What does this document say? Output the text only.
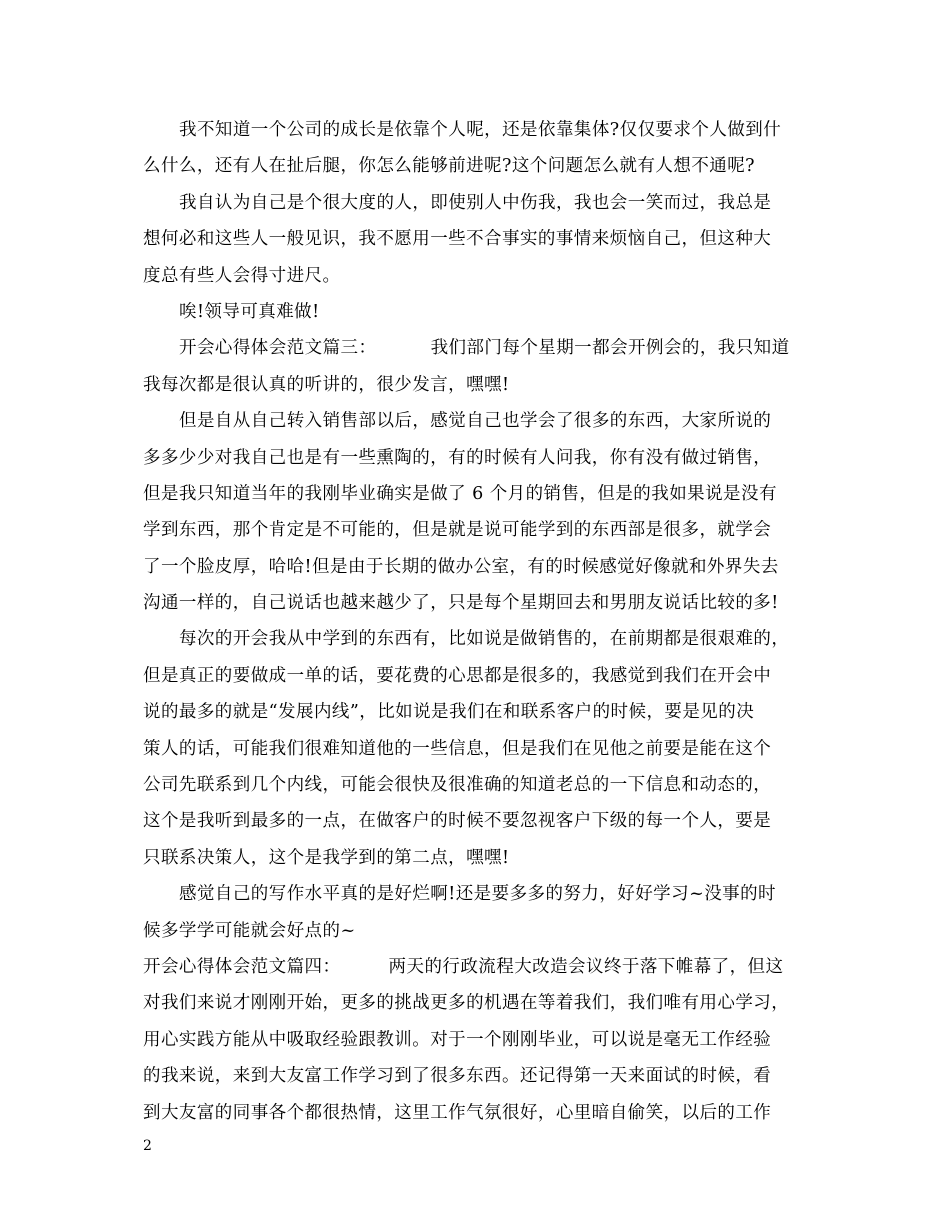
我不知道一个公司的成长是依靠个人呢，还是依靠集体?仅仅要求个人做到什
么什么，还有人在扯后腿，你怎么能够前进呢?这个问题怎么就有人想不通呢?
我自认为自己是个很大度的人，即使别人中伤我，我也会一笑而过，我总是
想何必和这些人一般见识，我不愿用一些不合事实的事情来烦恼自己，但这种大
度总有些人会得寸进尺。
唉!领导可真难做!
开会心得体会范文篇三：         我们部门每个星期一都会开例会的，我只知道
我每次都是很认真的听讲的，很少发言，嘿嘿!
但是自从自己转入销售部以后，感觉自己也学会了很多的东西，大家所说的
多多少少对我自己也是有一些熏陶的，有的时候有人问我，你有没有做过销售，
但是我只知道当年的我刚毕业确实是做了 6 个月的销售，但是的我如果说是没有
学到东西，那个肯定是不可能的，但是就是说可能学到的东西部是很多，就学会
了一个脸皮厚，哈哈!但是由于长期的做办公室，有的时候感觉好像就和外界失去
沟通一样的，自己说话也越来越少了，只是每个星期回去和男朋友说话比较的多!
每次的开会我从中学到的东西有，比如说是做销售的，在前期都是很艰难的，
但是真正的要做成一单的话，要花费的心思都是很多的，我感觉到我们在开会中
说的最多的就是“发展内线”，比如说是我们在和联系客户的时候，要是见的决
策人的话，可能我们很难知道他的一些信息，但是我们在见他之前要是能在这个
公司先联系到几个内线，可能会很快及很准确的知道老总的一下信息和动态的，
这个是我听到最多的一点，在做客户的时候不要忽视客户下级的每一个人，要是
只联系决策人，这个是我学到的第二点，嘿嘿!
感觉自己的写作水平真的是好烂啊!还是要多多的努力，好好学习~没事的时
候多学学可能就会好点的~
开会心得体会范文篇四：        两天的行政流程大改造会议终于落下帷幕了，但这
对我们来说才刚刚开始，更多的挑战更多的机遇在等着我们，我们唯有用心学习，
用心实践方能从中吸取经验跟教训。对于一个刚刚毕业，可以说是毫无工作经验
的我来说，来到大友富工作学习到了很多东西。还记得第一天来面试的时候，看
到大友富的同事各个都很热情，这里工作气氛很好，心里暗自偷笑，以后的工作
2
